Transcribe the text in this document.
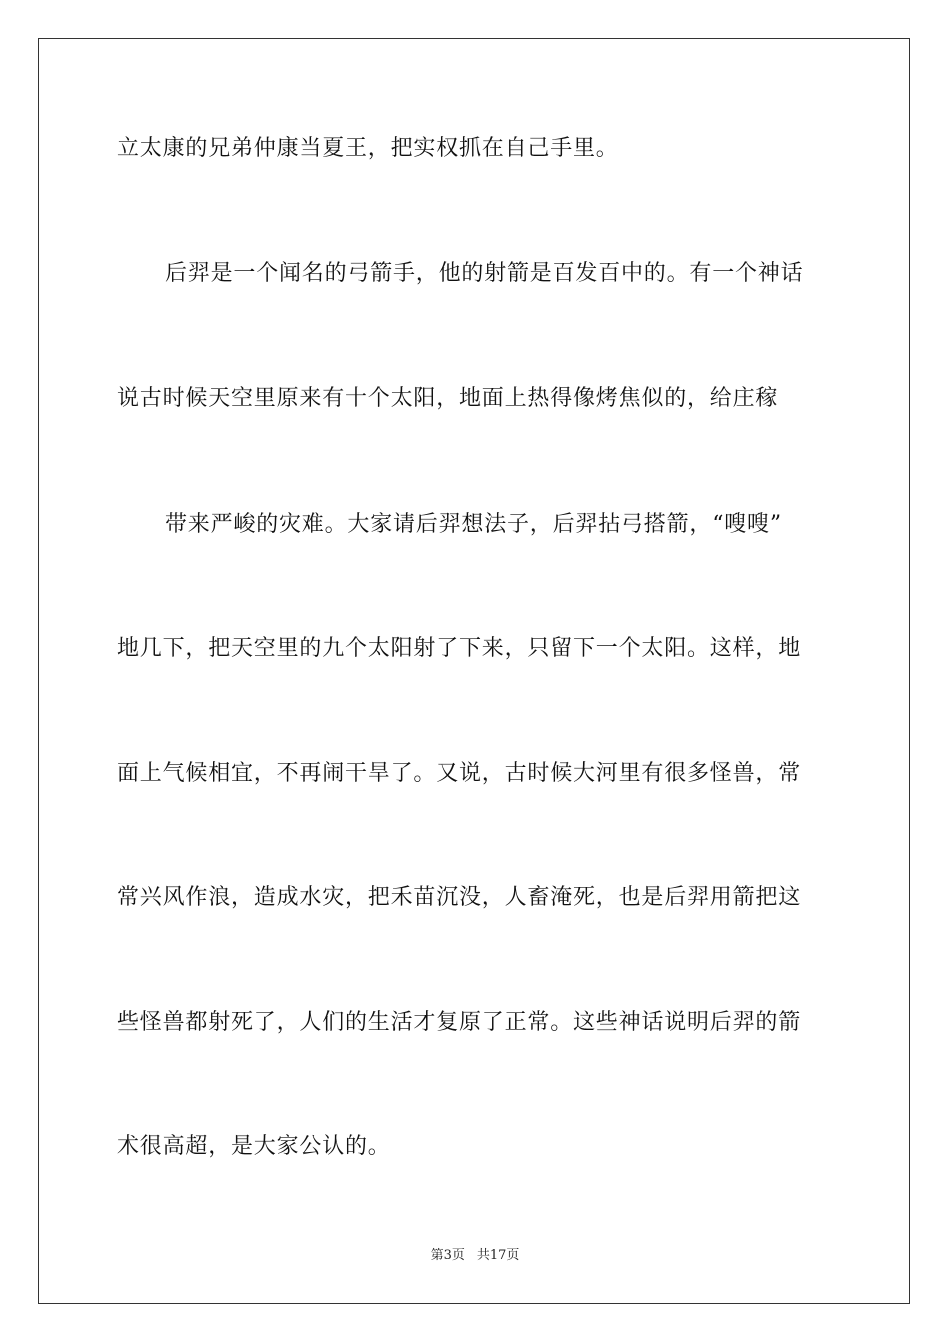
立太康的兄弟仲康当夏王，把实权抓在自己手里。
后羿是一个闻名的弓箭手，他的射箭是百发百中的。有一个神话
说古时候天空里原来有十个太阳，地面上热得像烤焦似的，给庄稼
带来严峻的灾难。大家请后羿想法子，后羿拈弓搭箭，“嗖嗖”
地几下，把天空里的九个太阳射了下来，只留下一个太阳。这样，地
面上气候相宜，不再闹干旱了。又说，古时候大河里有很多怪兽，常
常兴风作浪，造成水灾，把禾苗沉没，人畜淹死，也是后羿用箭把这
些怪兽都射死了，人们的生活才复原了正常。这些神话说明后羿的箭
术很高超，是大家公认的。
第3页 共17页
